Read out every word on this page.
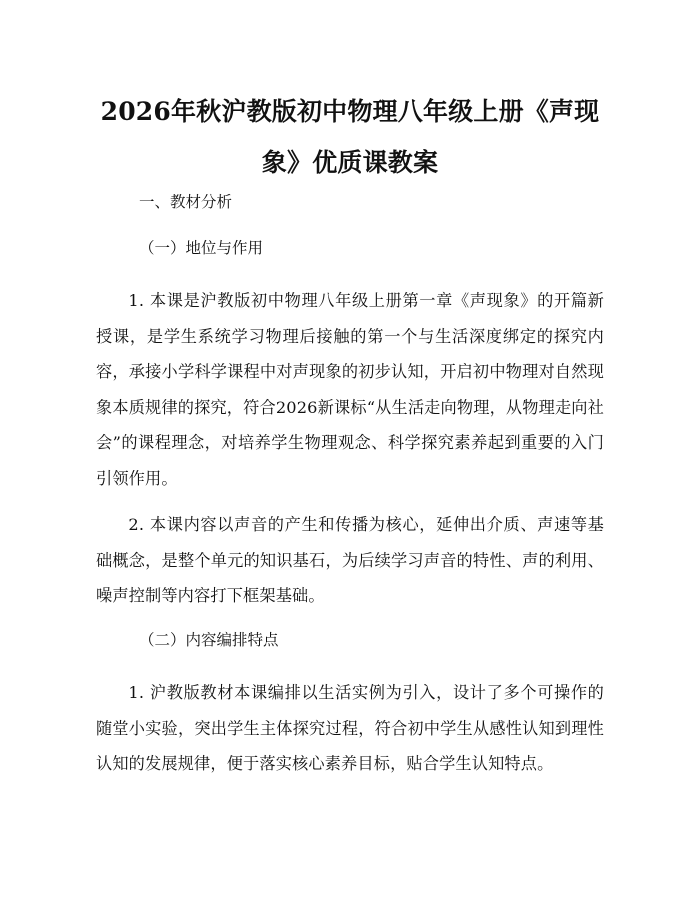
2026年秋沪教版初中物理八年级上册《声现象》优质课教案

一、教材分析

（一）地位与作用

1. 本课是沪教版初中物理八年级上册第一章《声现象》的开篇新授课，是学生系统学习物理后接触的第一个与生活深度绑定的探究内容，承接小学科学课程中对声现象的初步认知，开启初中物理对自然现象本质规律的探究，符合2026新课标“从生活走向物理，从物理走向社会”的课程理念，对培养学生物理观念、科学探究素养起到重要的入门引领作用。

2. 本课内容以声音的产生和传播为核心，延伸出介质、声速等基础概念，是整个单元的知识基石，为后续学习声音的特性、声的利用、噪声控制等内容打下框架基础。

（二）内容编排特点

1. 沪教版教材本课编排以生活实例为引入，设计了多个可操作的随堂小实验，突出学生主体探究过程，符合初中学生从感性认知到理性认知的发展规律，便于落实核心素养目标，贴合学生认知特点。
